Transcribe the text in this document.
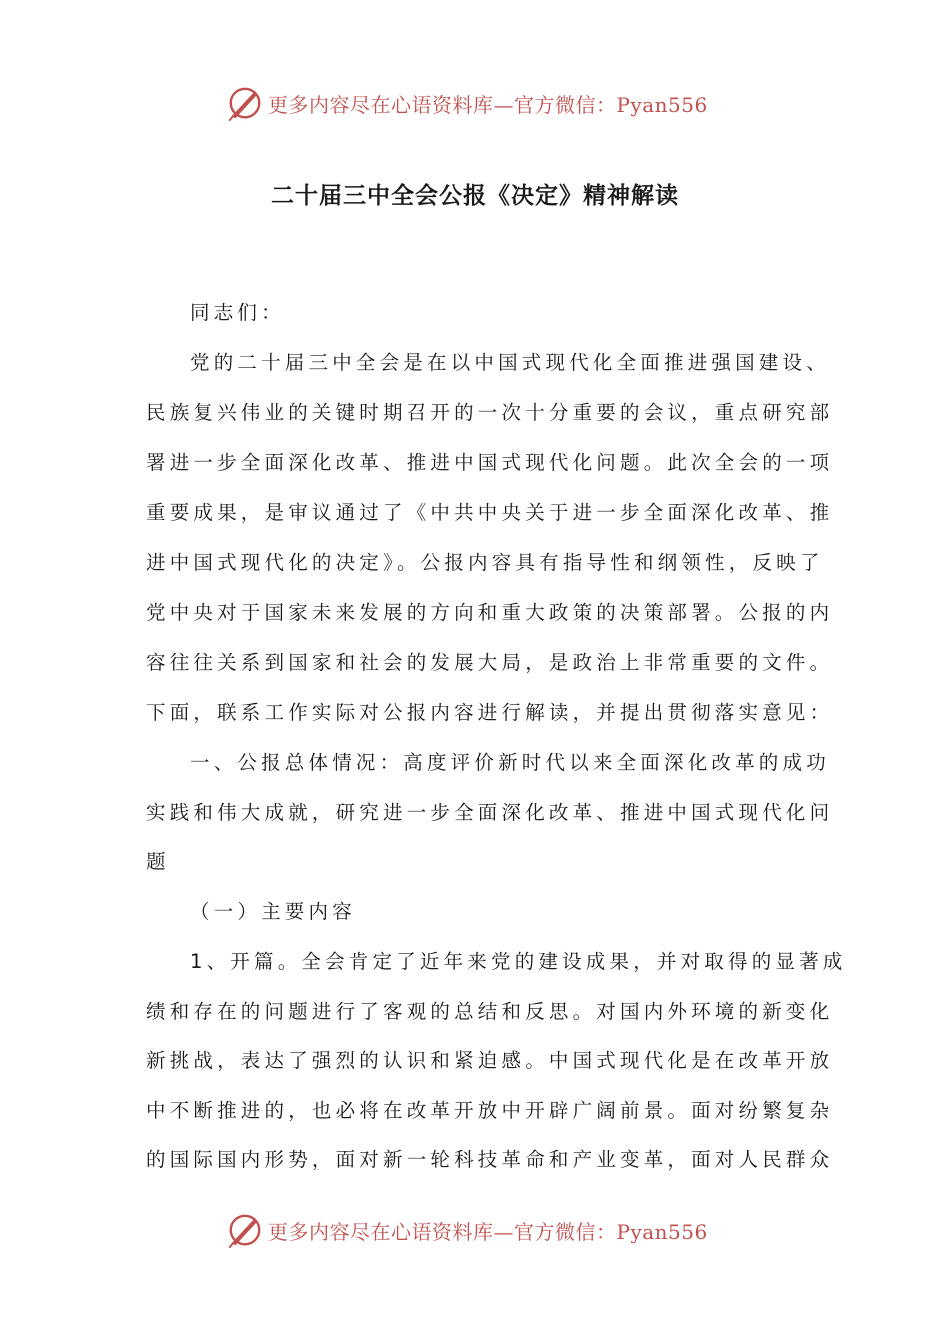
更多内容尽在心语资料库—官方微信：Pyan556
二十届三中全会公报《决定》精神解读

同志们：

党的二十届三中全会是在以中国式现代化全面推进强国建设、

民族复兴伟业的关键时期召开的一次十分重要的会议，重点研究部

署进一步全面深化改革、推进中国式现代化问题。此次全会的一项

重要成果，是审议通过了《中共中央关于进一步全面深化改革、推

进中国式现代化的决定》。公报内容具有指导性和纲领性，反映了

党中央对于国家未来发展的方向和重大政策的决策部署。公报的内

容往往关系到国家和社会的发展大局，是政治上非常重要的文件。

下面，联系工作实际对公报内容进行解读，并提出贯彻落实意见：

一、公报总体情况：高度评价新时代以来全面深化改革的成功

实践和伟大成就，研究进一步全面深化改革、推进中国式现代化问

题

（一）主要内容

1、开篇。全会肯定了近年来党的建设成果，并对取得的显著成

绩和存在的问题进行了客观的总结和反思。对国内外环境的新变化

新挑战，表达了强烈的认识和紧迫感。中国式现代化是在改革开放

中不断推进的，也必将在改革开放中开辟广阔前景。面对纷繁复杂

的国际国内形势，面对新一轮科技革命和产业变革，面对人民群众

更多内容尽在心语资料库—官方微信：Pyan556
